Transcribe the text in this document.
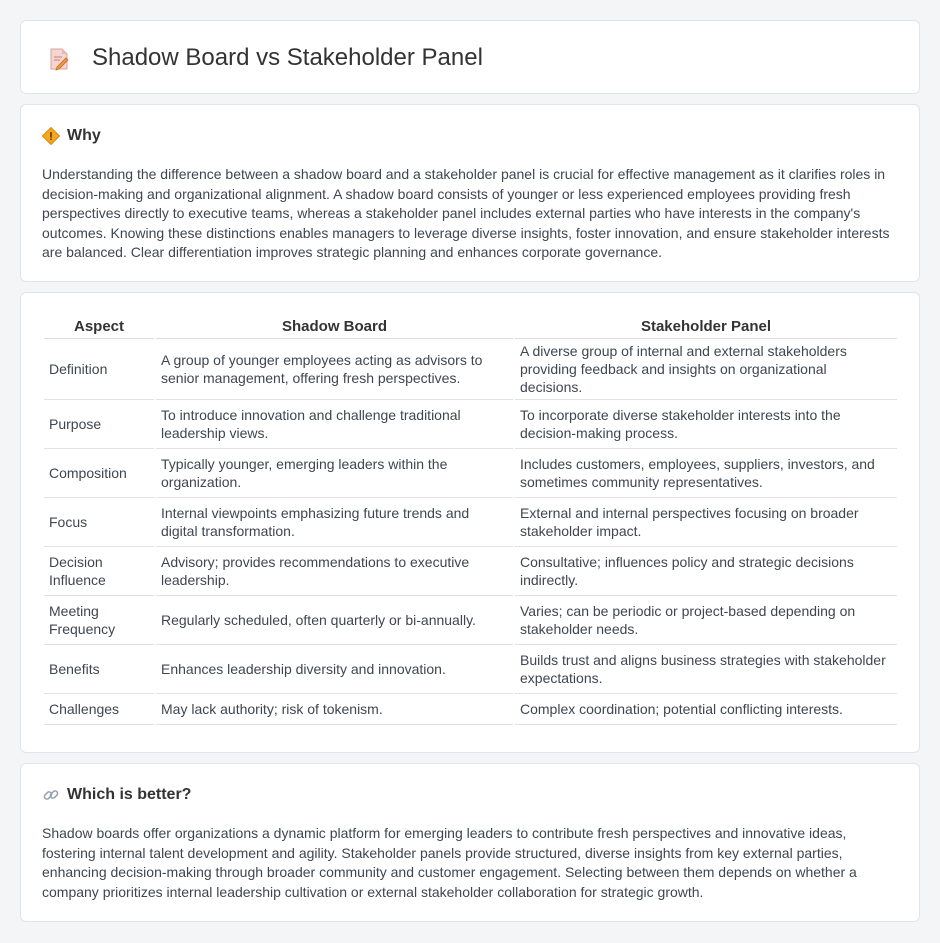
Shadow Board vs Stakeholder Panel
Why

Understanding the difference between a shadow board and a stakeholder panel is crucial for effective management as it clarifies roles in decision-making and organizational alignment. A shadow board consists of younger or less experienced employees providing fresh perspectives directly to executive teams, whereas a stakeholder panel includes external parties who have interests in the company's outcomes. Knowing these distinctions enables managers to leverage diverse insights, foster innovation, and ensure stakeholder interests are balanced. Clear differentiation improves strategic planning and enhances corporate governance.

Aspect	Shadow Board	Stakeholder Panel
Definition	A group of younger employees acting as advisors to senior management, offering fresh perspectives.	A diverse group of internal and external stakeholders providing feedback and insights on organizational decisions.
Purpose	To introduce innovation and challenge traditional leadership views.	To incorporate diverse stakeholder interests into the decision-making process.
Composition	Typically younger, emerging leaders within the organization.	Includes customers, employees, suppliers, investors, and sometimes community representatives.
Focus	Internal viewpoints emphasizing future trends and digital transformation.	External and internal perspectives focusing on broader stakeholder impact.
Decision Influence	Advisory; provides recommendations to executive leadership.	Consultative; influences policy and strategic decisions indirectly.
Meeting Frequency	Regularly scheduled, often quarterly or bi-annually.	Varies; can be periodic or project-based depending on stakeholder needs.
Benefits	Enhances leadership diversity and innovation.	Builds trust and aligns business strategies with stakeholder expectations.
Challenges	May lack authority; risk of tokenism.	Complex coordination; potential conflicting interests.
Which is better?

Shadow boards offer organizations a dynamic platform for emerging leaders to contribute fresh perspectives and innovative ideas, fostering internal talent development and agility. Stakeholder panels provide structured, diverse insights from key external parties, enhancing decision-making through broader community and customer engagement. Selecting between them depends on whether a company prioritizes internal leadership cultivation or external stakeholder collaboration for strategic growth.
